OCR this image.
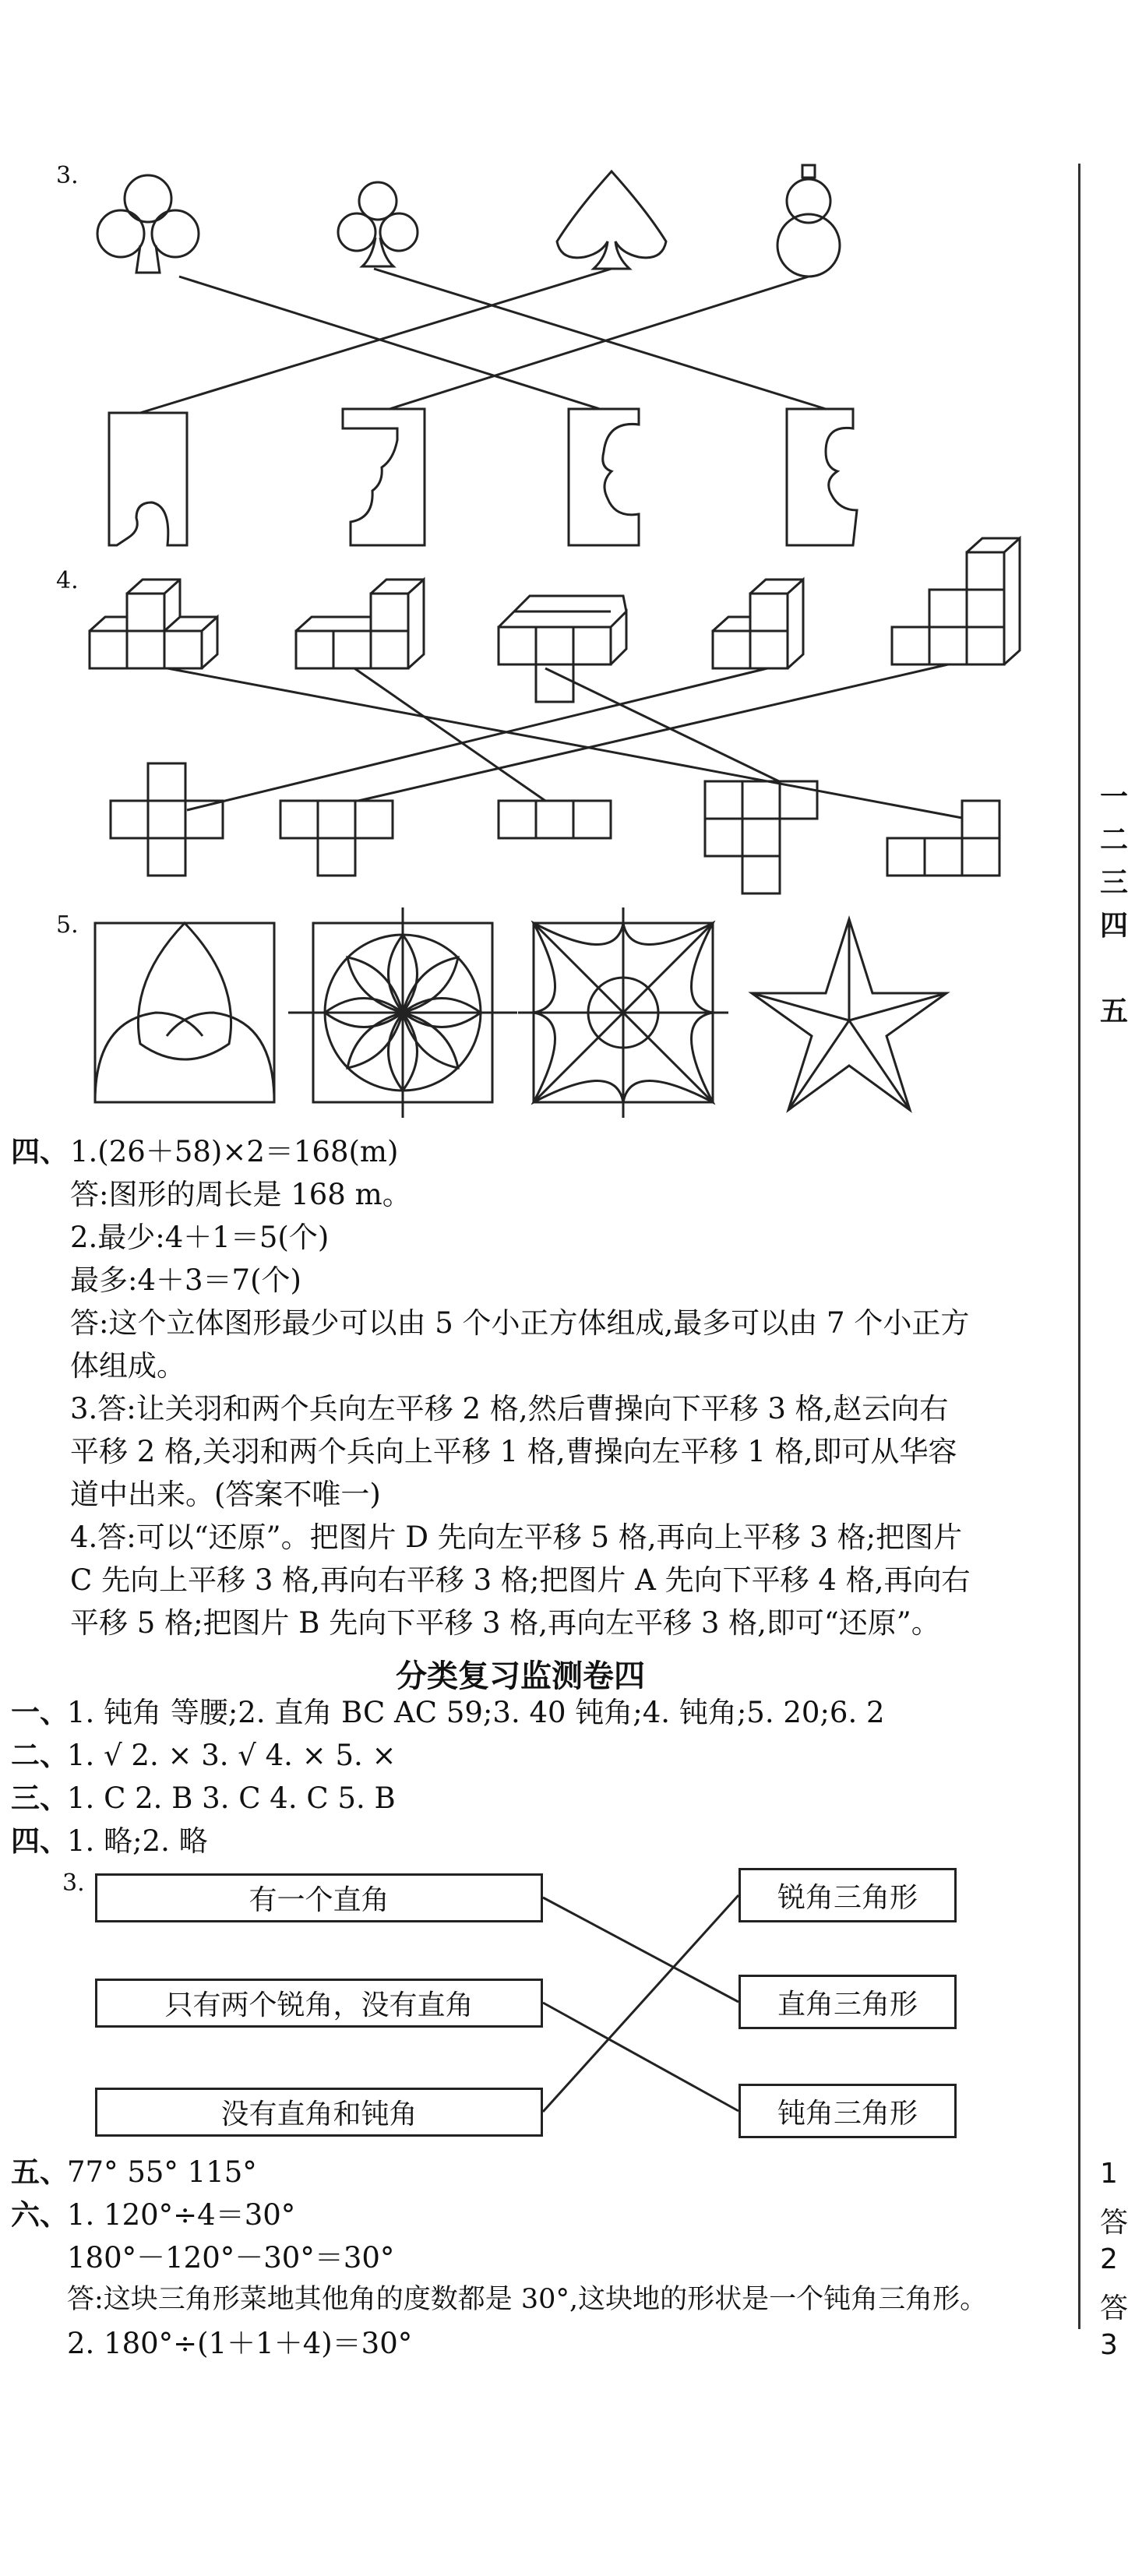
3.
4.
5.
四、 1.(26＋58)×2＝168(m)
答:图形的周长是 168 m。
2.最少:4＋1＝5(个)
最多:4＋3＝7(个)
答:这个立体图形最少可以由 5 个小正方体组成,最多可以由 7 个小正方
体组成。
3.答:让关羽和两个兵向左平移 2 格,然后曹操向下平移 3 格,赵云向右
平移 2 格,关羽和两个兵向上平移 1 格,曹操向左平移 1 格,即可从华容
道中出来。(答案不唯一)
4.答:可以“还原”。把图片 D 先向左平移 5 格,再向上平移 3 格;把图片
C 先向上平移 3 格,再向右平移 3 格;把图片 A 先向下平移 4 格,再向右
平移 5 格;把图片 B 先向下平移 3 格,再向左平移 3 格,即可“还原”。
分类复习监测卷四
一、
1. 钝角 等腰;2. 直角 BC AC 59;3. 40 钝角;4. 钝角;5. 20;6. 2
二、
1. √ 2. × 3. √ 4. × 5. ×
三、
1. C 2. B 3. C 4. C 5. B
四、
1. 略;2. 略
3.
有一个直角
只有两个锐角，没有直角
没有直角和钝角
锐角三角形
直角三角形
钝角三角形
五、
77° 55° 115°
六、
1. 120°÷4＝30°
180°－120°－30°＝30°
答:这块三角形菜地其他角的度数都是 30°,这块地的形状是一个钝角三角形。
2. 180°÷(1＋1＋4)＝30°
一
二
三
四
五
1
答
2
答
3
